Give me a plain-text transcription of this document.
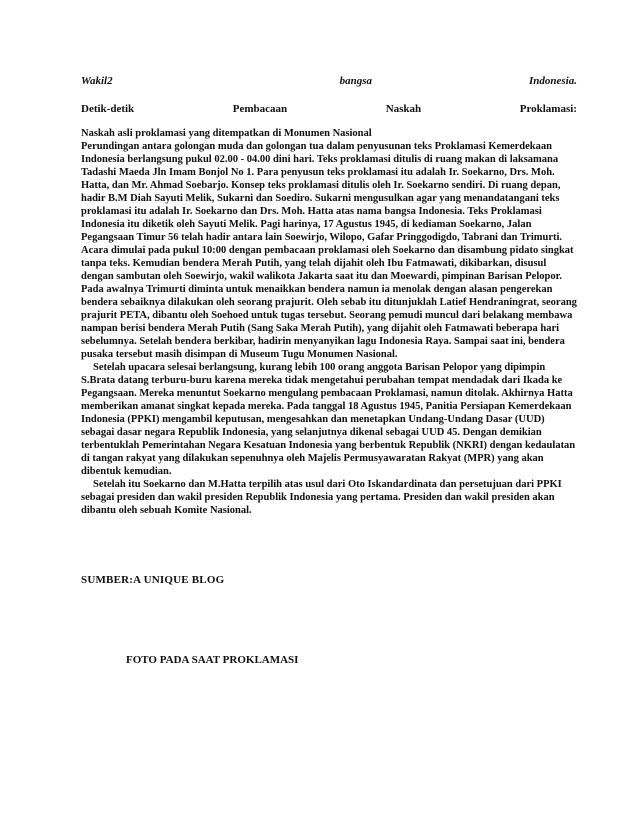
Wakil2	bangsa	Indonesia.
Detik-detik	Pembacaan	Naskah	Proklamasi:

Naskah asli proklamasi yang ditempatkan di Monumen Nasional

Perundingan antara golongan muda dan golongan tua dalam penyusunan teks Proklamasi Kemerdekaan Indonesia berlangsung pukul 02.00 - 04.00 dini hari. Teks proklamasi ditulis di ruang makan di laksamana Tadashi Maeda Jln Imam Bonjol No 1. Para penyusun teks proklamasi itu adalah Ir. Soekarno, Drs. Moh. Hatta, dan Mr. Ahmad Soebarjo. Konsep teks proklamasi ditulis oleh Ir. Soekarno sendiri. Di ruang depan, hadir B.M Diah Sayuti Melik, Sukarni dan Soediro. Sukarni mengusulkan agar yang menandatangani teks proklamasi itu adalah Ir. Soekarno dan Drs. Moh. Hatta atas nama bangsa Indonesia. Teks Proklamasi Indonesia itu diketik oleh Sayuti Melik. Pagi harinya, 17 Agustus 1945, di kediaman Soekarno, Jalan Pegangsaan Timur 56 telah hadir antara lain Soewirjo, Wilopo, Gafar Pringgodigdo, Tabrani dan Trimurti. Acara dimulai pada pukul 10:00 dengan pembacaan proklamasi oleh Soekarno dan disambung pidato singkat tanpa teks. Kemudian bendera Merah Putih, yang telah dijahit oleh Ibu Fatmawati, dikibarkan, disusul dengan sambutan oleh Soewirjo, wakil walikota Jakarta saat itu dan Moewardi, pimpinan Barisan Pelopor.

Pada awalnya Trimurti diminta untuk menaikkan bendera namun ia menolak dengan alasan pengerekan bendera sebaiknya dilakukan oleh seorang prajurit. Oleh sebab itu ditunjuklah Latief Hendraningrat, seorang prajurit PETA, dibantu oleh Soehoed untuk tugas tersebut. Seorang pemudi muncul dari belakang membawa nampan berisi bendera Merah Putih (Sang Saka Merah Putih), yang dijahit oleh Fatmawati beberapa hari sebelumnya. Setelah bendera berkibar, hadirin menyanyikan lagu Indonesia Raya. Sampai saat ini, bendera pusaka tersebut masih disimpan di Museum Tugu Monumen Nasional.

Setelah upacara selesai berlangsung, kurang lebih 100 orang anggota Barisan Pelopor yang dipimpin S.Brata datang terburu-buru karena mereka tidak mengetahui perubahan tempat mendadak dari Ikada ke Pegangsaan. Mereka menuntut Soekarno mengulang pembacaan Proklamasi, namun ditolak. Akhirnya Hatta memberikan amanat singkat kepada mereka. Pada tanggal 18 Agustus 1945, Panitia Persiapan Kemerdekaan Indonesia (PPKI) mengambil keputusan, mengesahkan dan menetapkan Undang-Undang Dasar (UUD) sebagai dasar negara Republik Indonesia, yang selanjutnya dikenal sebagai UUD 45. Dengan demikian terbentuklah Pemerintahan Negara Kesatuan Indonesia yang berbentuk Republik (NKRI) dengan kedaulatan di tangan rakyat yang dilakukan sepenuhnya oleh Majelis Permusyawaratan Rakyat (MPR) yang akan dibentuk kemudian.

Setelah itu Soekarno dan M.Hatta terpilih atas usul dari Oto Iskandardinata dan persetujuan dari PPKI sebagai presiden dan wakil presiden Republik Indonesia yang pertama. Presiden dan wakil presiden akan dibantu oleh sebuah Komite Nasional.

SUMBER:A UNIQUE BLOG
FOTO PADA SAAT PROKLAMASI
